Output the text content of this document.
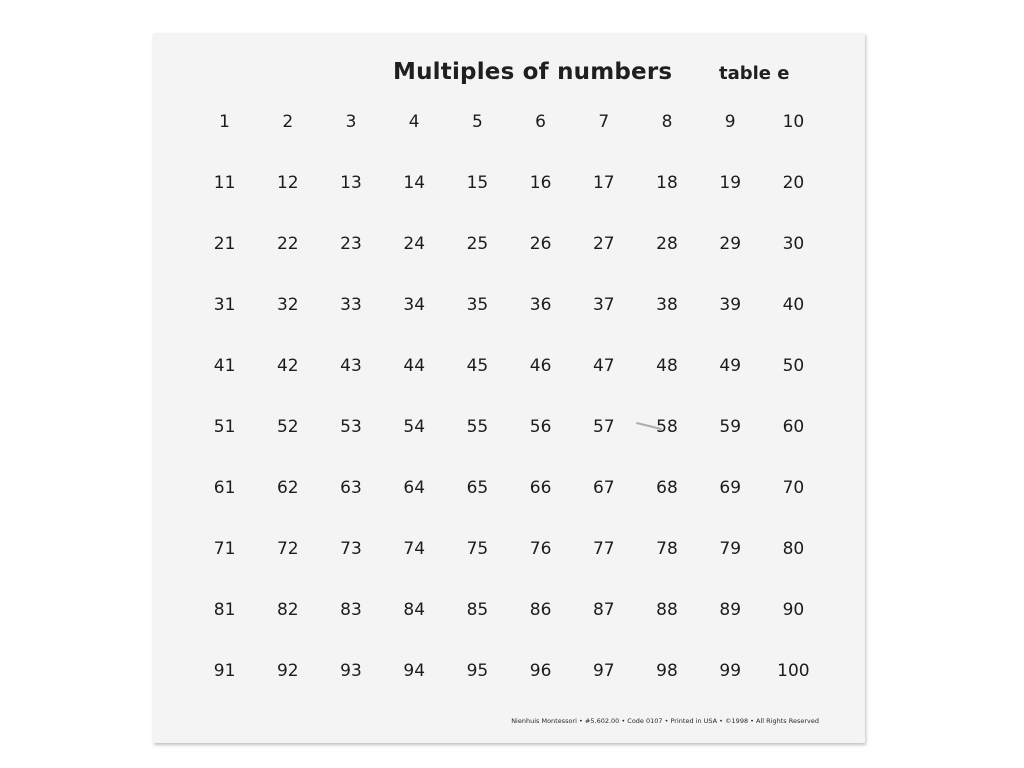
Multiples of numbers	table e
1	2	3	4	5	6	7	8	9	10
11	12	13	14	15	16	17	18	19	20
21	22	23	24	25	26	27	28	29	30
31	32	33	34	35	36	37	38	39	40
41	42	43	44	45	46	47	48	49	50
51	52	53	54	55	56	57	58	59	60
61	62	63	64	65	66	67	68	69	70
71	72	73	74	75	76	77	78	79	80
81	82	83	84	85	86	87	88	89	90
91	92	93	94	95	96	97	98	99	100
Nienhuis Montessori • #5.602.00 • Code 0107 • Printed in USA • ©1998 • All Rights Reserved
